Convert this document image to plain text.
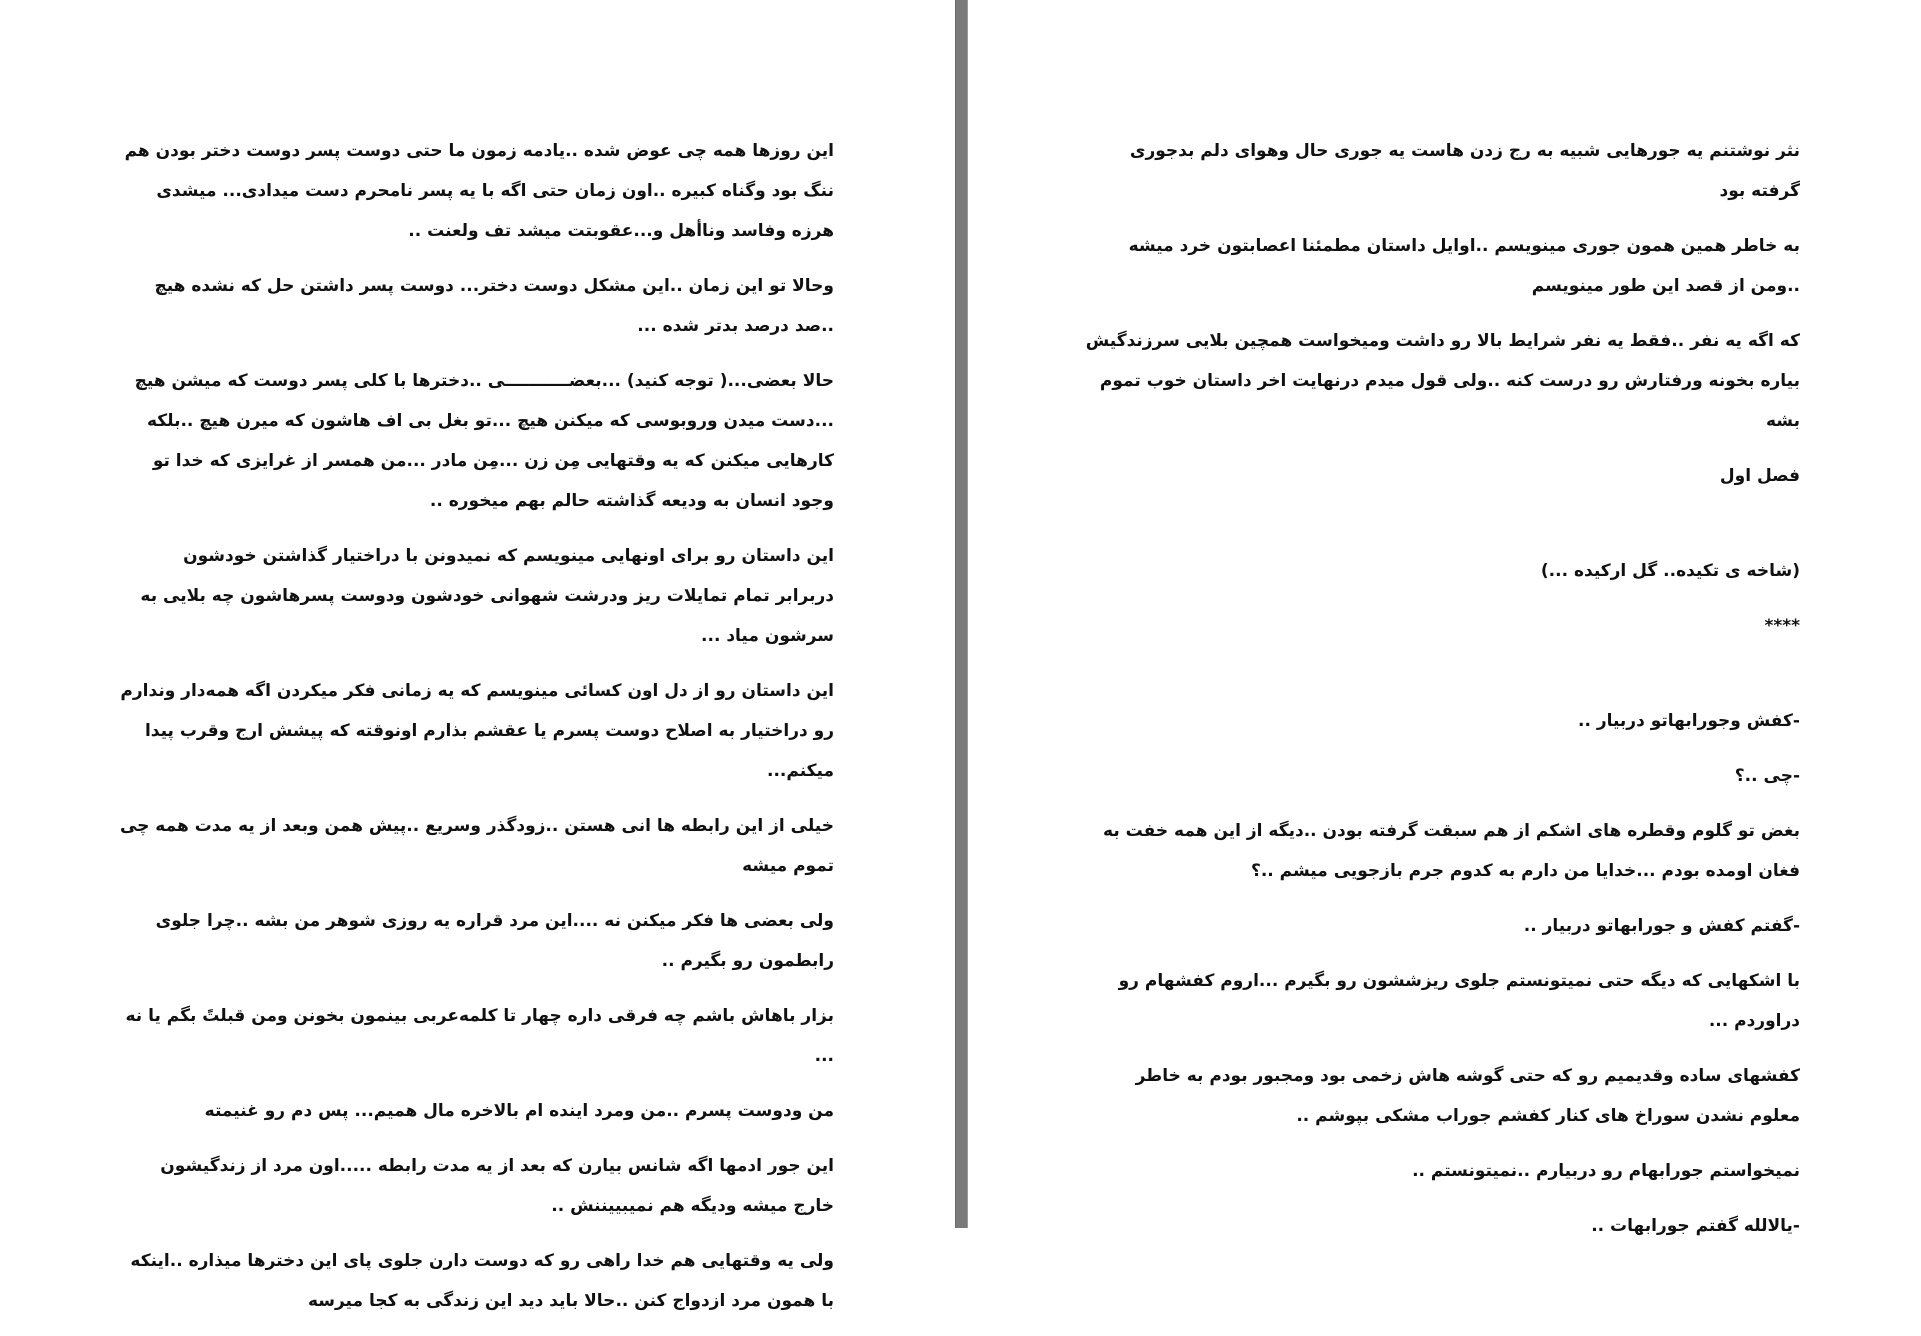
این روزها همه چی عوض شده ..یادمه زمون ما حتی دوست پسر دوست دختر بودن هم ننگ بود وگناه کبیره ..اون زمان حتی اگه با یه پسر نامحرم دست میدادی... میشدی هرزه وفاسد وناأهل و...عقوبتت میشد تف ولعنت ..

وحالا تو این زمان ..این مشکل دوست دختر... دوست پسر داشتن حل که نشده هیچ ..صد درصد بدتر شده ...

حالا بعضی...( توجه کنید) ...بعضـــــــــــی ..دخترها با کلی پسر دوست که میشن هیچ ...دست میدن وروبوسی که میکنن هیچ ...تو بغل بی اف هاشون که میرن هیچ ..بلکه کارهایی میکنن که یه وقتهایی مِن زن ...مِن مادر ...من همسر از غرایزی که خدا تو وجود انسان به ودیعه گذاشته حالم بهم میخوره ..

این داستان رو برای اونهایی مینویسم که نمیدونن با دراختیار گذاشتن خودشون دربرابر تمام تمایلات ریز ودرشت شهوانی خودشون ودوست پسرهاشون چه بلایی به سرشون میاد ...

این داستان رو از دل اون کسائی مینویسم که یه زمانی فکر میکردن اگه همه‌دار وندارم رو دراختیار به اصلاح دوست پسرم یا عقشم بذارم اونوقته که پیشش ارج وقرب پیدا میکنم...

خیلی از این رابطه ها انی هستن ..زودگذر وسریع ..پیش همن وبعد از یه مدت همه چی تموم میشه

ولی بعضی ها فکر میکنن نه ....این مرد قراره یه روزی شوهر من بشه ..چرا جلوی رابطمون رو بگیرم ..

بزار باهاش باشم چه فرقی داره چهار تا کلمه‌عربی بینمون بخونن ومن قبلتً بگم یا نه ...

من ودوست پسرم ..من ومرد اینده ام بالاخره مال همیم... پس دم رو غنیمته

این جور ادمها اگه شانس بیارن که بعد از یه مدت رابطه .....اون مرد از زندگیشون خارج میشه ودیگه هم نمیبییننش ..

ولی یه وقتهایی هم خدا راهی رو که دوست دارن جلوی پای این دخترها میذاره ..اینکه با همون مرد ازدواج کنن ..حالا باید دید این زندگی به کجا میرسه

نثر نوشتنم یه جورهایی شبیه به رج زدن هاست یه جوری حال وهوای دلم بدجوری گرفته بود

به خاطر همین همون جوری مینویسم ..اوایل داستان مطمئنا اعصابتون خرد میشه ..ومن از قصد این طور مینویسم

که اگه یه نفر ..فقط یه نفر شرایط بالا رو داشت ومیخواست همچین بلایی سرزندگیش بیاره بخونه ورفتارش رو درست کنه ..ولی قول میدم درنهایت اخر داستان خوب تموم بشه

فصل اول

(شاخه ی تکیده.. گل ارکیده ...)

****

-کفش وجورابهاتو دربیار ..

-چی ..؟

بغض تو گلوم وقطره های اشکم از هم سبقت گرفته بودن ..دیگه از این همه خفت به فغان اومده بودم ...خدایا من دارم به کدوم جرم بازجویی میشم ..؟

-گفتم کفش و جورابهاتو دربیار ..

با اشکهایی که دیگه حتی نمیتونستم جلوی ریزششون رو بگیرم ...اروم کفشهام رو دراوردم ...

کفشهای ساده وقدیمیم رو که حتی گوشه هاش زخمی بود ومجبور بودم به خاطر معلوم نشدن سوراخ های کنار کفشم جوراب مشکی بپوشم ..

نمیخواستم جورابهام رو دربیارم ..نمیتونستم ..

-یالالله گفتم جورابهات ..
